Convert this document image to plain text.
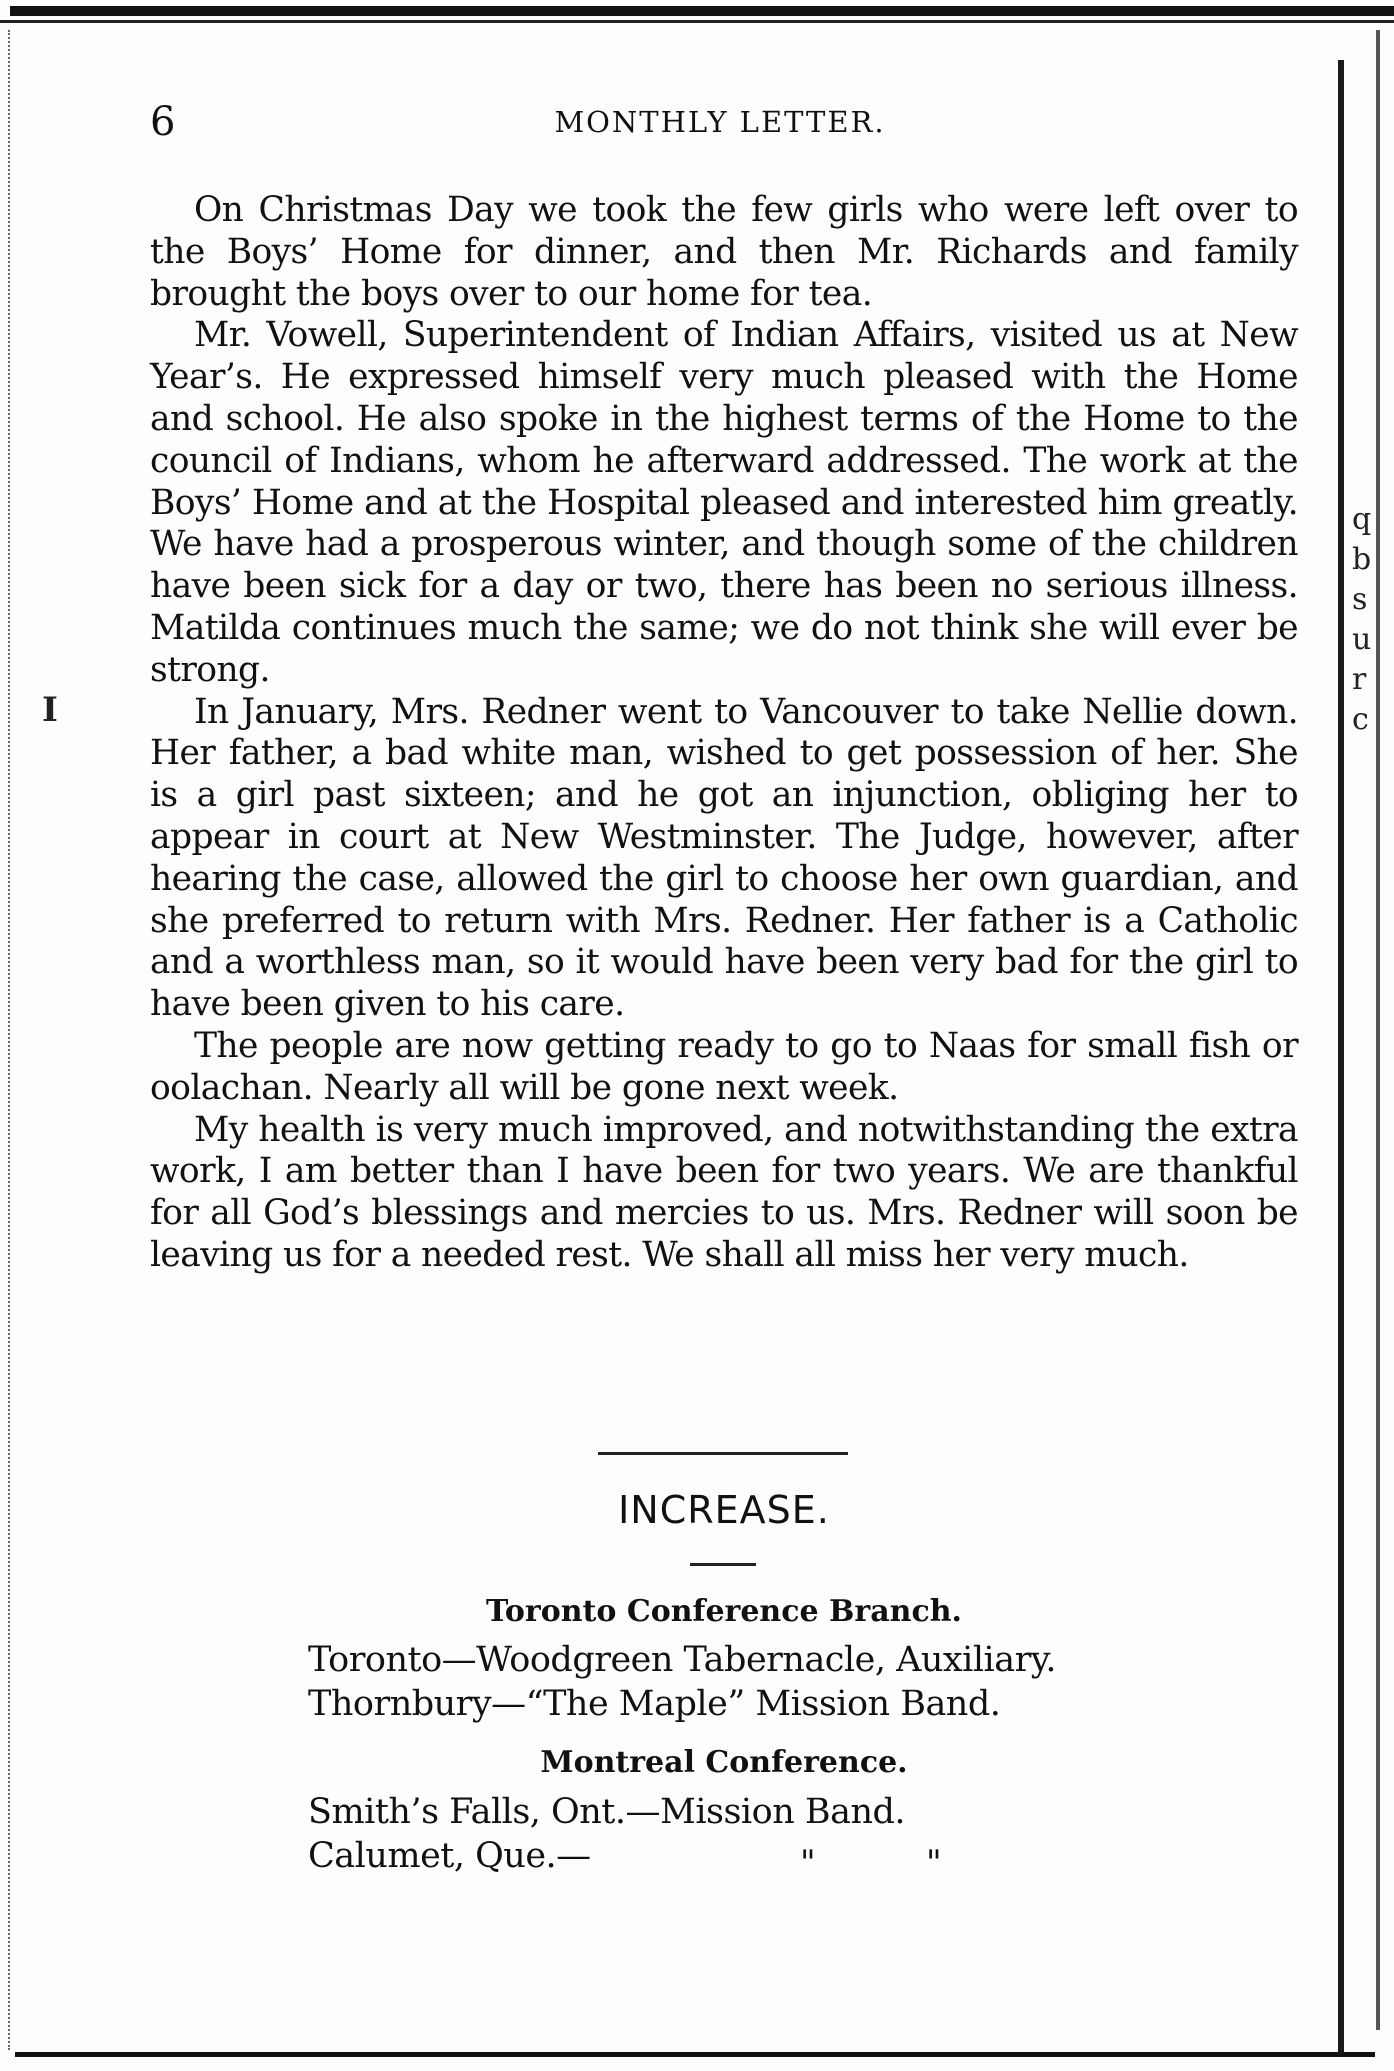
I
q
b
s
u
r
c
6	MONTHLY LETTER.

On Christmas Day we took the few girls who were left over to the Boys’ Home for dinner, and then Mr. Richards and family brought the boys over to our home for tea.

Mr. Vowell, Superintendent of Indian Affairs, visited us at New Year’s. He expressed himself very much pleased with the Home and school. He also spoke in the highest terms of the Home to the council of Indians, whom he afterward addressed. The work at the Boys’ Home and at the Hospital pleased and interested him greatly. We have had a prosperous winter, and though some of the children have been sick for a day or two, there has been no serious illness. Matilda continues much the same; we do not think she will ever be strong.

In January, Mrs. Redner went to Vancouver to take Nellie down. Her father, a bad white man, wished to get possession of her. She is a girl past sixteen; and he got an injunction, obliging her to appear in court at New Westminster. The Judge, however, after hearing the case, allowed the girl to choose her own guardian, and she preferred to return with Mrs. Redner. Her father is a Catholic and a worthless man, so it would have been very bad for the girl to have been given to his care.

The people are now getting ready to go to Naas for small fish or oolachan. Nearly all will be gone next week.

My health is very much improved, and notwithstanding the extra work, I am better than I have been for two years. We are thankful for all God’s blessings and mercies to us. Mrs. Redner will soon be leaving us for a needed rest. We shall all miss her very much.

INCREASE.
Toronto Conference Branch.
Toronto—Woodgreen Tabernacle, Auxiliary.
Thornbury—“The Maple” Mission Band.
Montreal Conference.
Smith’s Falls, Ont.—Mission Band.
Calumet, Que.—	"	"
